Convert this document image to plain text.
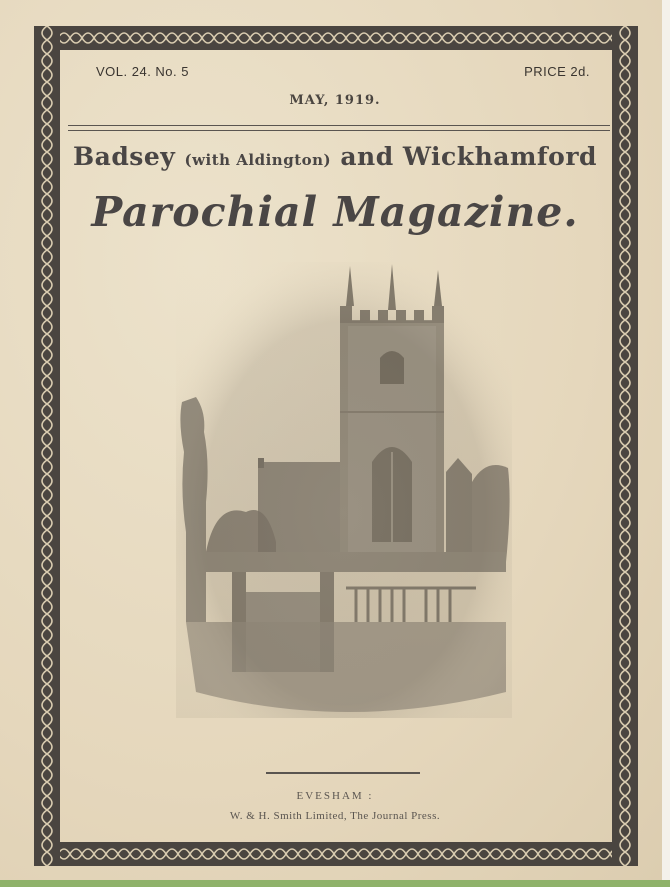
VOL. 24. No. 5	PRICE 2d.
MAY, 1919.
Badsey (with Aldington) and Wickhamford
Parochial Magazine.
EVESHAM :
W. & H. Smith Limited, The Journal Press.
